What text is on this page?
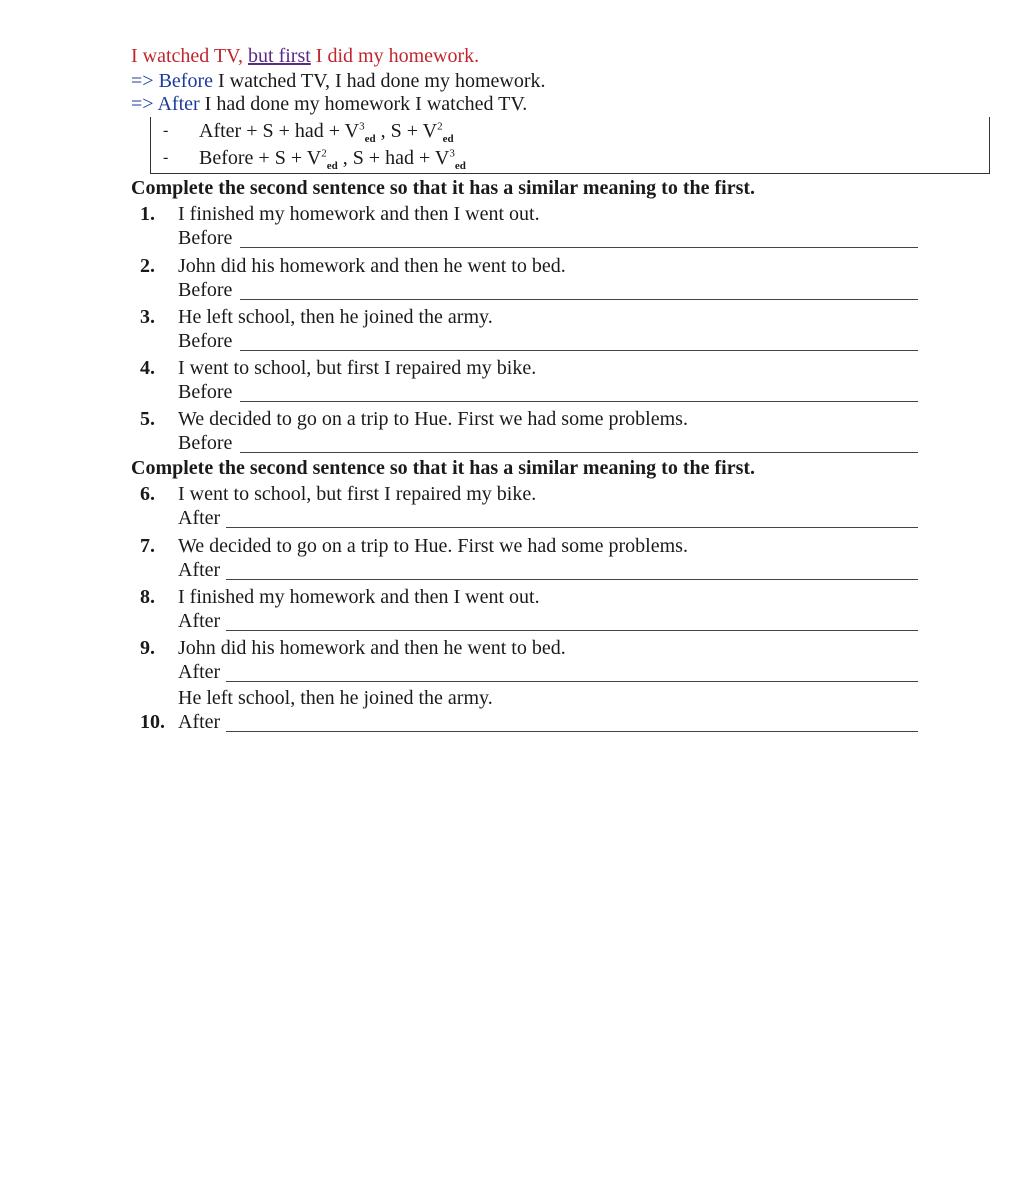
I watched TV, but first I did my homework.
=> Before I watched TV, I had done my homework.
=> After I had done my homework I watched TV.
- After + S + had + $V^3_{ed}$ , $S + V^2_{ed}$
- Before + $S + V^2_{ed}$ , S + had + $V^3_{ed}$
Complete the second sentence so that it has a similar meaning to the first.
1. I finished my homework and then I went out.
Before
2. John did his homework and then he went to bed.
Before
3. He left school, then he joined the army.
Before
4. I went to school, but first I repaired my bike.
Before
5. We decided to go on a trip to Hue. First we had some problems.
Before
Complete the second sentence so that it has a similar meaning to the first.
6. I went to school, but first I repaired my bike.
After
7. We decided to go on a trip to Hue. First we had some problems.
After
8. I finished my homework and then I went out.
After
9. John did his homework and then he went to bed.
After
He left school, then he joined the army.
10. After
